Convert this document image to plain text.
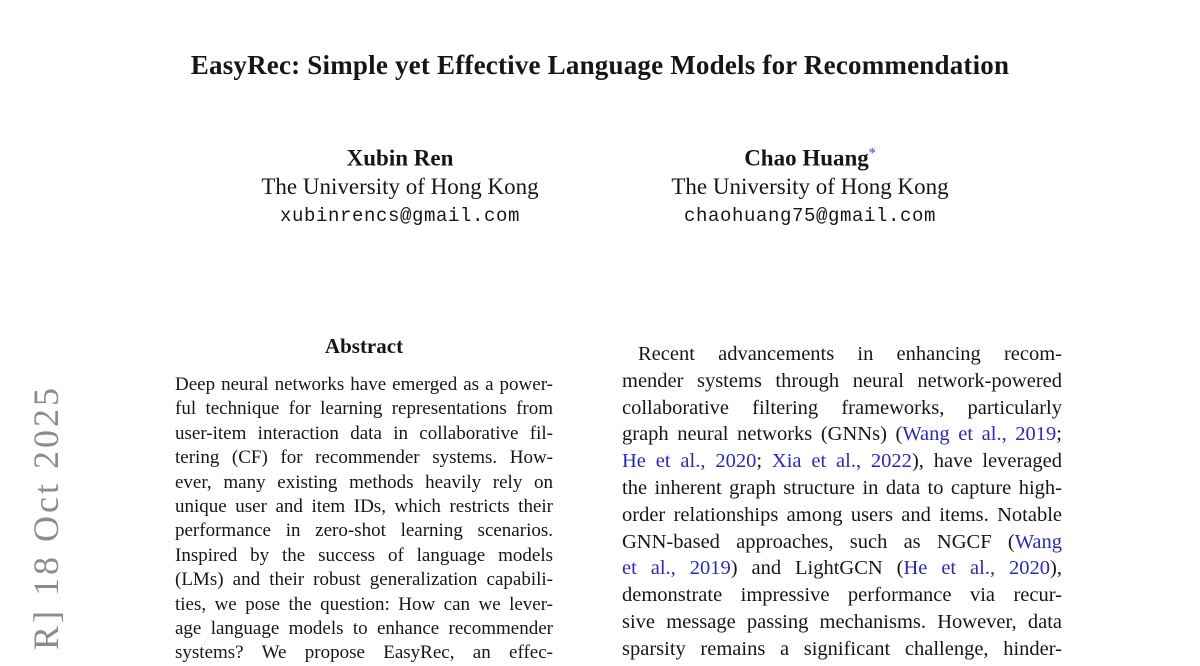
R] 18 Oct 2025
EasyRec: Simple yet Effective Language Models for Recommendation
Xubin Ren
The University of Hong Kong
xubinrencs@gmail.com
Chao Huang*
The University of Hong Kong
chaohuang75@gmail.com
Abstract
Deep neural networks have emerged as a power-
ful technique for learning representations from
user-item interaction data in collaborative fil-
tering (CF) for recommender systems. How-
ever, many existing methods heavily rely on
unique user and item IDs, which restricts their
performance in zero-shot learning scenarios.
Inspired by the success of language models
(LMs) and their robust generalization capabili-
ties, we pose the question: How can we lever-
age language models to enhance recommender
systems? We propose EasyRec, an effec-
Recent advancements in enhancing recom-
mender systems through neural network-powered
collaborative filtering frameworks, particularly
graph neural networks (GNNs) (Wang et al., 2019;
He et al., 2020; Xia et al., 2022), have leveraged
the inherent graph structure in data to capture high-
order relationships among users and items. Notable
GNN-based approaches, such as NGCF (Wang
et al., 2019) and LightGCN (He et al., 2020),
demonstrate impressive performance via recur-
sive message passing mechanisms. However, data
sparsity remains a significant challenge, hinder-
